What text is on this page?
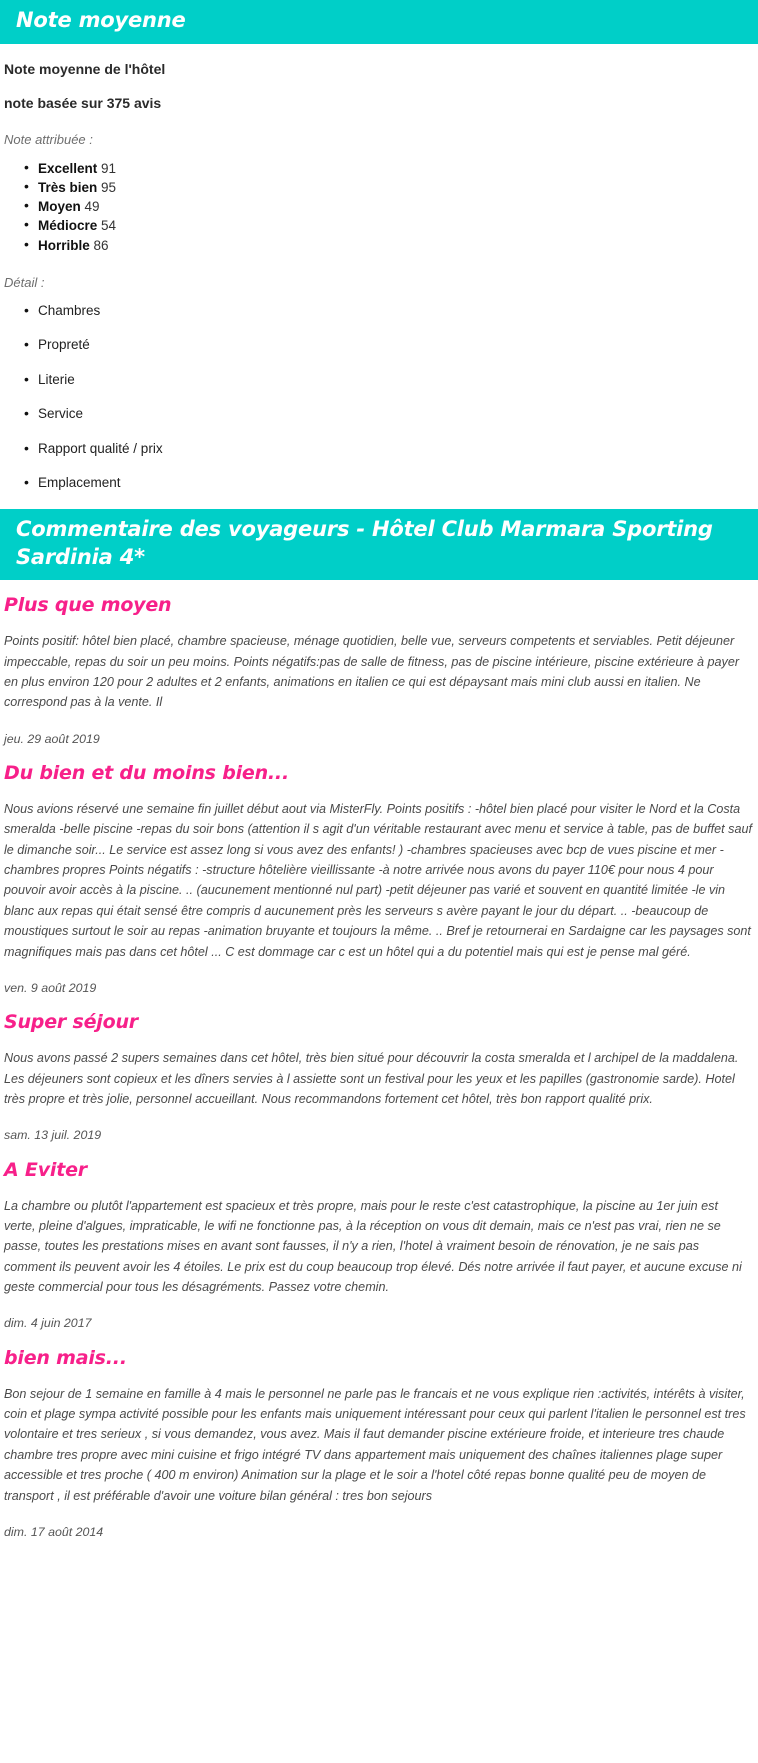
Note moyenne

Note moyenne de l'hôtel

note basée sur 375 avis

Note attribuée :

• Excellent 91
• Très bien 95
• Moyen 49
• Médiocre 54
• Horrible 86

Détail :

• Chambres
• Propreté
• Literie
• Service
• Rapport qualité / prix
• Emplacement
Commentaire des voyageurs - Hôtel Club Marmara Sporting Sardinia 4*
Plus que moyen

Points positif: hôtel bien placé, chambre spacieuse, ménage quotidien, belle vue, serveurs competents et serviables. Petit déjeuner impeccable, repas du soir un peu moins. Points négatifs:pas de salle de fitness, pas de piscine intérieure, piscine extérieure à payer en plus environ 120 pour 2 adultes et 2 enfants, animations en italien ce qui est dépaysant mais mini club aussi en italien. Ne correspond pas à la vente. Il

jeu. 29 août 2019

Du bien et du moins bien...

Nous avions réservé une semaine fin juillet début aout via MisterFly. Points positifs : -hôtel bien placé pour visiter le Nord et la Costa smeralda -belle piscine -repas du soir bons (attention il s agit d'un véritable restaurant avec menu et service à table, pas de buffet sauf le dimanche soir... Le service est assez long si vous avez des enfants! ) -chambres spacieuses avec bcp de vues piscine et mer -chambres propres Points négatifs : -structure hôtelière vieillissante -à notre arrivée nous avons du payer 110€ pour nous 4 pour pouvoir avoir accès à la piscine. .. (aucunement mentionné nul part) -petit déjeuner pas varié et souvent en quantité limitée -le vin blanc aux repas qui était sensé être compris d aucunement près les serveurs s avère payant le jour du départ. .. -beaucoup de moustiques surtout le soir au repas -animation bruyante et toujours la même. .. Bref je retournerai en Sardaigne car les paysages sont magnifiques mais pas dans cet hôtel ... C est dommage car c est un hôtel qui a du potentiel mais qui est je pense mal géré.

ven. 9 août 2019

Super séjour

Nous avons passé 2 supers semaines dans cet hôtel, très bien situé pour découvrir la costa smeralda et l archipel de la maddalena. Les déjeuners sont copieux et les dîners servies à l assiette sont un festival pour les yeux et les papilles (gastronomie sarde). Hotel très propre et très jolie, personnel accueillant. Nous recommandons fortement cet hôtel, très bon rapport qualité prix.

sam. 13 juil. 2019

A Eviter

La chambre ou plutôt l'appartement est spacieux et très propre, mais pour le reste c'est catastrophique, la piscine au 1er juin est verte, pleine d'algues, impraticable, le wifi ne fonctionne pas, à la réception on vous dit demain, mais ce n'est pas vrai, rien ne se passe, toutes les prestations mises en avant sont fausses, il n'y a rien, l'hotel à vraiment besoin de rénovation, je ne sais pas comment ils peuvent avoir les 4 étoiles. Le prix est du coup beaucoup trop élevé. Dés notre arrivée il faut payer, et aucune excuse ni geste commercial pour tous les désagréments. Passez votre chemin.

dim. 4 juin 2017

bien mais...

Bon sejour de 1 semaine en famille à 4 mais le personnel ne parle pas le francais et ne vous explique rien :activités, intérêts à visiter, coin et plage sympa activité possible pour les enfants mais uniquement intéressant pour ceux qui parlent l'italien le personnel est tres volontaire et tres serieux , si vous demandez, vous avez. Mais il faut demander piscine extérieure froide, et interieure tres chaude chambre tres propre avec mini cuisine et frigo intégré TV dans appartement mais uniquement des chaînes italiennes plage super accessible et tres proche ( 400 m environ) Animation sur la plage et le soir a l'hotel côté repas bonne qualité peu de moyen de transport , il est préférable d'avoir une voiture bilan général : tres bon sejours

dim. 17 août 2014
